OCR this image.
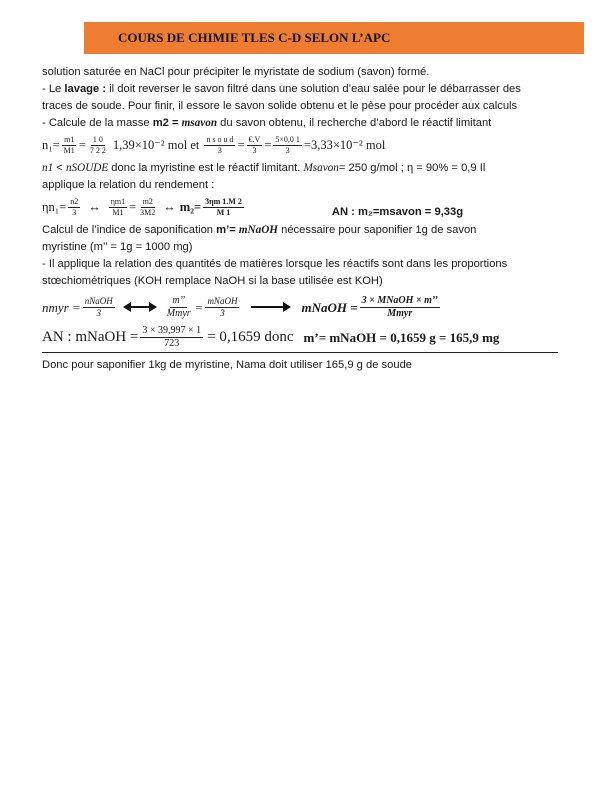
COURS DE CHIMIE TLES C-D SELON L’APC

solution saturée en NaCl pour précipiter le myristate de sodium (savon) formé.

- Le lavage : il doit reverser le savon filtré dans une solution d’eau salée pour le débarrasser des

traces de soude. Pour finir, il essore le savon solide obtenu et le pèse pour procéder aux calculs

- Calcule de la masse m2 = msavon du savon obtenu, il recherche d’abord le réactif limitant

$n_1= \frac{m1}{M1} = \frac{1 0}{7 2 2} 1,39\times 10^{-2}$ mol et $\frac{\text{n s o u d}}{3} = \frac{€.V}{3} = \frac{5\times 0,0 1}{3} =3,33\times 10^{-2}$ mol

n1 < nSOUDE donc la myristine est le réactif limitant. Msavon= 250 g/mol ; η = 90% = 0,9 Il

applique la relation du rendement :

$\eta n_1= \frac{n2}{3}$ ↔ $\frac{\eta m1}{M1} = \frac{m2}{3M2}$ ↔ $m_2= \frac{3\eta m 1.M 2}{M 1}$	AN : m₂=msavon = 9,33g

Calcul de l’indice de saponification m’= mNaOH nécessaire pour saponifier 1g de savon

myristine (m’’ = 1g = 1000 mg)

- Il applique la relation des quantités de matières lorsque les réactifs sont dans les proportions

stœchiométriques (KOH remplace NaOH si la base utilisée est KOH)

nmyr = $\frac{\text{nNaOH}}{3}$	$\frac{m’’}{\text{Mmyr}} = \frac{\text{mNaOH}}{3}$	mNaOH = $\frac{\text{3 × MNaOH × m’’}}{\text{Mmyr}}$
AN : mNaOH = $\frac{3 \times 39,997 \times 1}{723} = 0,1659$ donc m’= mNaOH = 0,1659 g = 165,9 mg

Donc pour saponifier 1kg de myristine, Nama doit utiliser 165,9 g de soude
